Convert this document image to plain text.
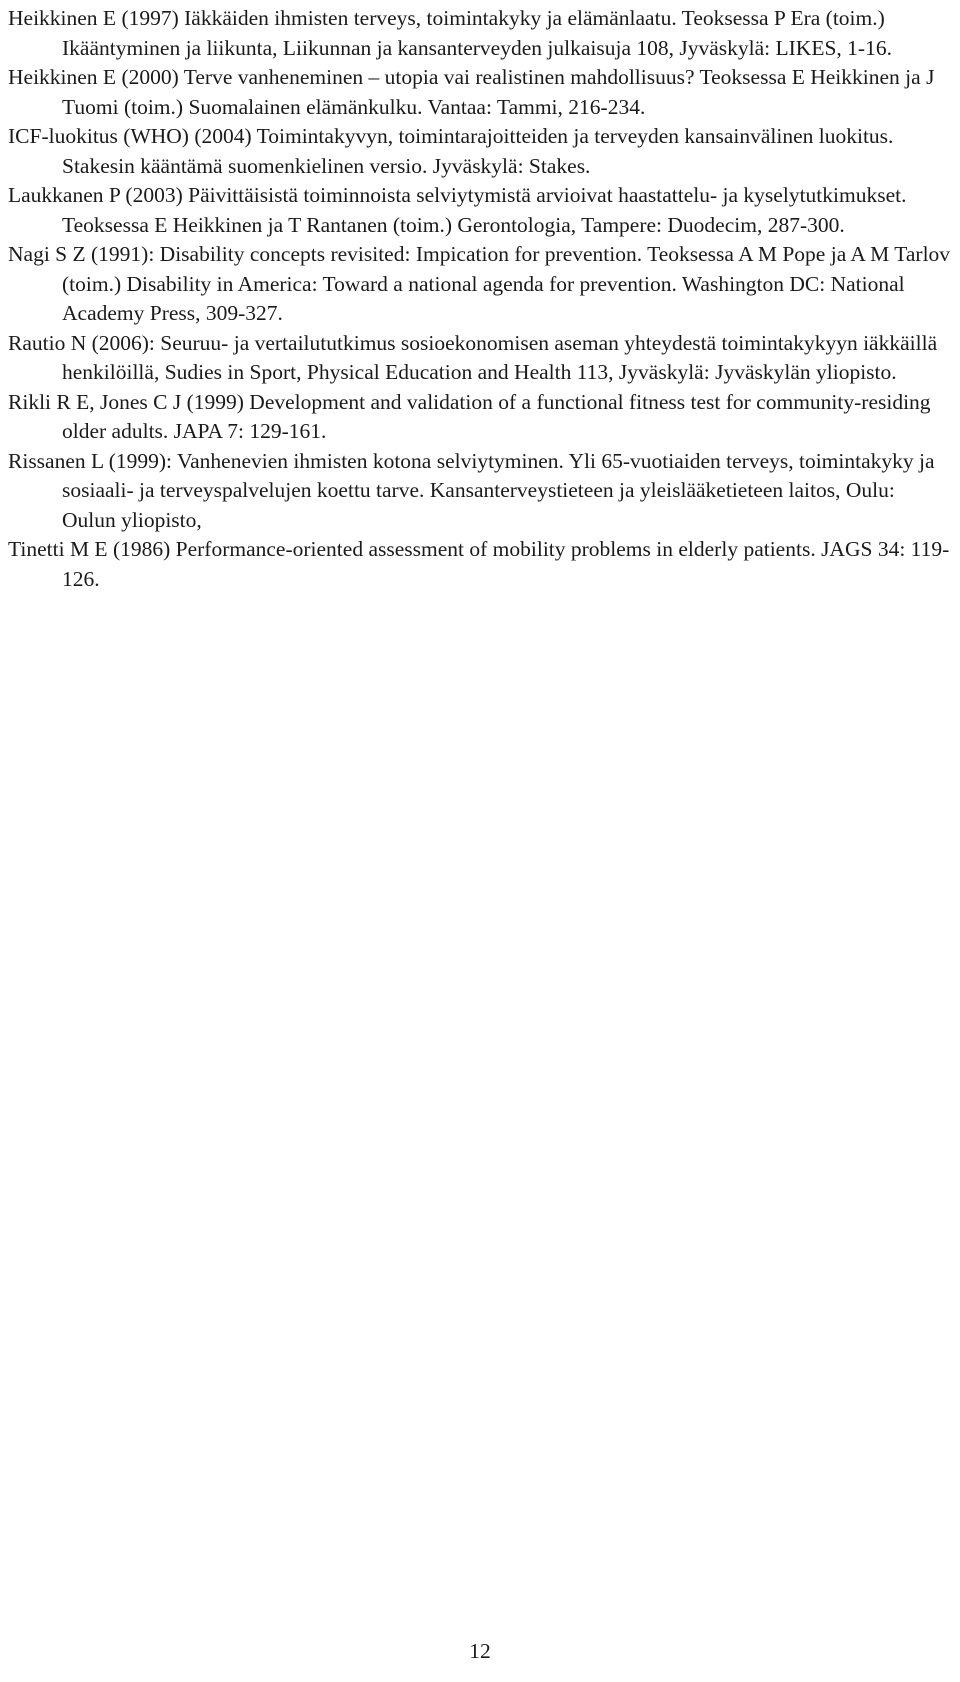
Heikkinen E (1997) Iäkkäiden ihmisten terveys, toimintakyky ja elämänlaatu. Teoksessa P Era (toim.) Ikääntyminen ja liikunta, Liikunnan ja kansanterveyden julkaisuja 108, Jyväskylä: LIKES, 1-16.
Heikkinen E (2000) Terve vanheneminen – utopia vai realistinen mahdollisuus? Teoksessa E Heikkinen ja J Tuomi (toim.) Suomalainen elämänkulku. Vantaa: Tammi, 216-234.
ICF-luokitus (WHO) (2004) Toimintakyvyn, toimintarajoitteiden ja terveyden kansainvälinen luokitus. Stakesin kääntämä suomenkielinen versio. Jyväskylä: Stakes.
Laukkanen P (2003) Päivittäisistä toiminnoista selviytymistä arvioivat haastattelu- ja kyselytutkimukset. Teoksessa E Heikkinen ja T Rantanen (toim.) Gerontologia, Tampere: Duodecim, 287-300.
Nagi S Z (1991): Disability concepts revisited: Impication for prevention. Teoksessa A M Pope ja A M Tarlov (toim.) Disability in America: Toward a national agenda for prevention. Washington DC: National Academy Press, 309-327.
Rautio N (2006): Seuruu- ja vertailututkimus sosioekonomisen aseman yhteydestä toimintakykyyn iäkkäillä henkilöillä, Sudies in Sport, Physical Education and Health 113, Jyväskylä: Jyväskylän yliopisto.
Rikli R E, Jones C J (1999) Development and validation of a functional fitness test for community-residing older adults. JAPA 7: 129-161.
Rissanen L (1999): Vanhenevien ihmisten kotona selviytyminen. Yli 65-vuotiaiden terveys, toimintakyky ja sosiaali- ja terveyspalvelujen koettu tarve. Kansanterveystieteen ja yleislääketieteen laitos, Oulu: Oulun yliopisto,
Tinetti M E (1986) Performance-oriented assessment of mobility problems in elderly patients. JAGS 34: 119-126.
12
